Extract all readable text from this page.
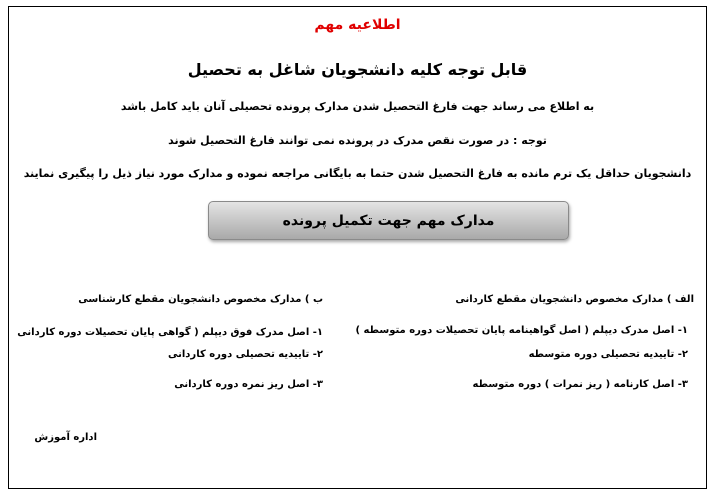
اطلاعیه مهم
قابل توجه کلیه دانشجویان شاغل به تحصیل
به اطلاع می رساند جهت فارغ التحصیل شدن مدارک پرونده تحصیلی آنان باید کامل باشد
توجه : در صورت نقص مدرک در پرونده نمی توانند فارغ التحصیل شوند
دانشجویان حداقل یک ترم مانده به فارغ التحصیل شدن حتما به بایگانی مراجعه نموده و مدارک مورد نیاز ذیل را پیگیری نمایند
مدارک مهم جهت تکمیل پرونده
الف ) مدارک مخصوص دانشجویان مقطع کاردانی
۱- اصل مدرک دیپلم ( اصل گواهینامه پایان تحصیلات دوره متوسطه )
۲- تاییدیه تحصیلی دوره متوسطه
۳- اصل کارنامه ( ریز نمرات ) دوره متوسطه
ب ) مدارک مخصوص دانشجویان مقطع کارشناسی
۱- اصل مدرک فوق دیپلم ( گواهی پایان تحصیلات دوره کاردانی
۲- تاییدیه تحصیلی دوره کاردانی
۳- اصل ریز نمره دوره کاردانی
اداره آموزش
